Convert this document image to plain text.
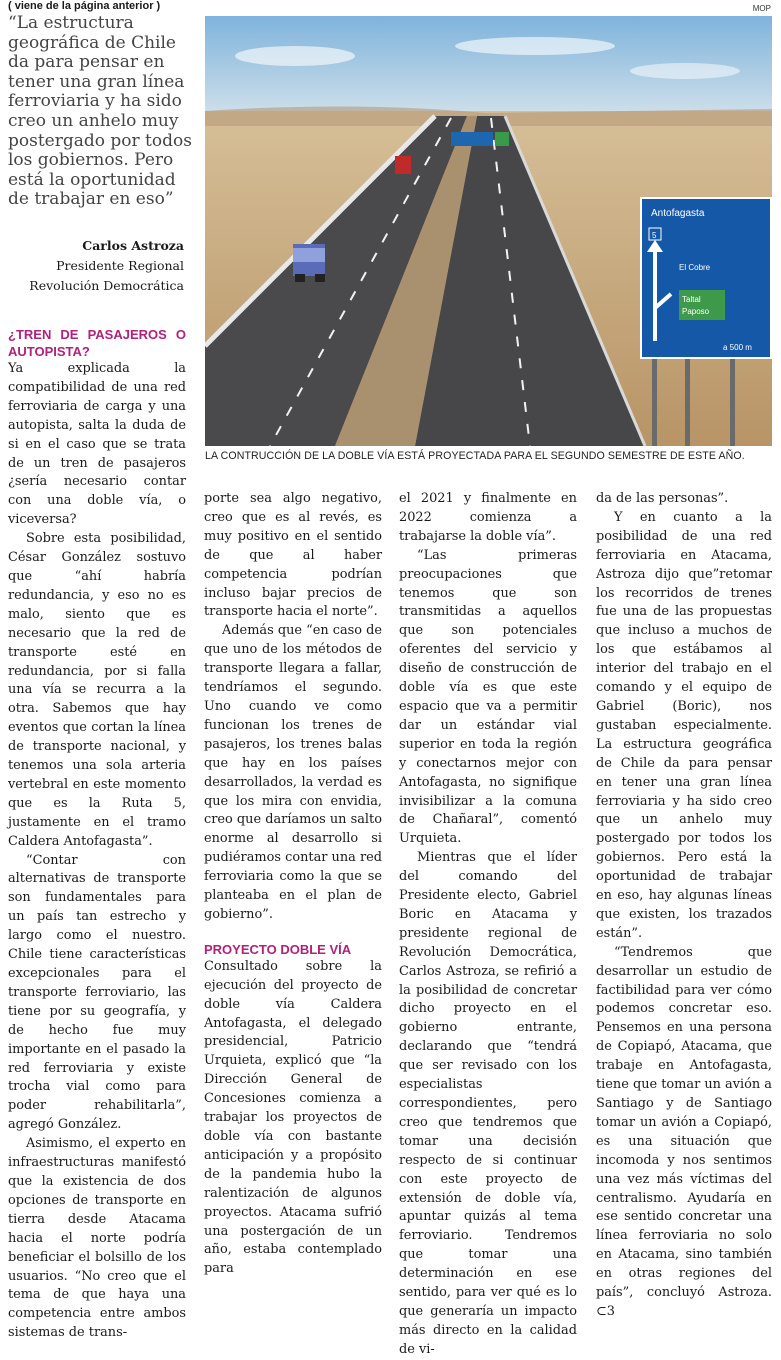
( viene de la página anterior )	MOP
“La estructura geográfica de Chile da para pensar en tener una gran línea ferroviaria y ha sido creo un anhelo muy postergado por todos los gobiernos. Pero está la oportunidad de trabajar en eso”
Carlos Astroza
Presidente Regional
Revolución Democrática
Antofagasta
5
El Cobre
Taltal
Paposo
a 500 m
LA CONTRUCCIÓN DE LA DOBLE VÍA ESTÁ PROYECTADA PARA EL SEGUNDO SEMESTRE DE ESTE AÑO.
¿TREN DE PASAJEROS O AUTOPISTA?

Ya explicada la compatibilidad de una red ferroviaria de carga y una autopista, salta la duda de si en el caso que se trata de un tren de pasajeros ¿sería necesario contar con una doble vía, o viceversa?

Sobre esta posibilidad, César González sostuvo que “ahí habría redundancia, y eso no es malo, siento que es necesario que la red de transporte esté en redundancia, por si falla una vía se recurra a la otra. Sabemos que hay eventos que cortan la línea de transporte nacional, y tenemos una sola arteria vertebral en este momento que es la Ruta 5, justamente en el tramo Caldera Antofagasta”.

“Contar con alternativas de transporte son fundamentales para un país tan estrecho y largo como el nuestro. Chile tiene características excepcionales para el transporte ferroviario, las tiene por su geografía, y de hecho fue muy importante en el pasado la red ferroviaria y existe trocha vial como para poder rehabilitarla”, agregó González.

Asimismo, el experto en infraestructuras manifestó que la existencia de dos opciones de transporte en tierra desde Atacama hacia el norte podría beneficiar el bolsillo de los usuarios. “No creo que el tema de que haya una competencia entre ambos sistemas de trans-

porte sea algo negativo, creo que es al revés, es muy positivo en el sentido de que al haber competencia podrían incluso bajar precios de transporte hacia el norte”.

Además que “en caso de que uno de los métodos de transporte llegara a fallar, tendríamos el segundo. Uno cuando ve como funcionan los trenes de pasajeros, los trenes balas que hay en los países desarrollados, la verdad es que los mira con envidia, creo que daríamos un salto enorme al desarrollo si pudiéramos contar una red ferroviaria como la que se planteaba en el plan de gobierno”.

PROYECTO DOBLE VÍA

Consultado sobre la ejecución del proyecto de doble vía Caldera Antofagasta, el delegado presidencial, Patricio Urquieta, explicó que “la Dirección General de Concesiones comienza a trabajar los proyectos de doble vía con bastante anticipación y a propósito de la pandemia hubo la ralentización de algunos proyectos. Atacama sufrió una postergación de un año, estaba contemplado para

el 2021 y finalmente en 2022 comienza a trabajarse la doble vía”.

“Las primeras preocupaciones que tenemos que son transmitidas a aquellos que son potenciales oferentes del servicio y diseño de construcción de doble vía es que este espacio que va a permitir dar un estándar vial superior en toda la región y conectarnos mejor con Antofagasta, no signifique invisibilizar a la comuna de Chañaral”, comentó Urquieta.

Mientras que el líder del comando del Presidente electo, Gabriel Boric en Atacama y presidente regional de Revolución Democrática, Carlos Astroza, se refirió a la posibilidad de concretar dicho proyecto en el gobierno entrante, declarando que “tendrá que ser revisado con los especialistas correspondientes, pero creo que tendremos que tomar una decisión respecto de si continuar con este proyecto de extensión de doble vía, apuntar quizás al tema ferroviario. Tendremos que tomar una determinación en ese sentido, para ver qué es lo que generaría un impacto más directo en la calidad de vi-

da de las personas”.

Y en cuanto a la posibilidad de una red ferroviaria en Atacama, Astroza dijo que”retomar los recorridos de trenes fue una de las propuestas que incluso a muchos de los que estábamos al interior del trabajo en el comando y el equipo de Gabriel (Boric), nos gustaban especialmente. La estructura geográfica de Chile da para pensar en tener una gran línea ferroviaria y ha sido creo que un anhelo muy postergado por todos los gobiernos. Pero está la oportunidad de trabajar en eso, hay algunas líneas que existen, los trazados están”.

“Tendremos que desarrollar un estudio de factibilidad para ver cómo podemos concretar eso. Pensemos en una persona de Copiapó, Atacama, que trabaje en Antofagasta, tiene que tomar un avión a Santiago y de Santiago tomar un avión a Copiapó, es una situación que incomoda y nos sentimos una vez más víctimas del centralismo. Ayudaría en ese sentido concretar una línea ferroviaria no solo en Atacama, sino también en otras regiones del país”, concluyó Astroza. ⊂3
